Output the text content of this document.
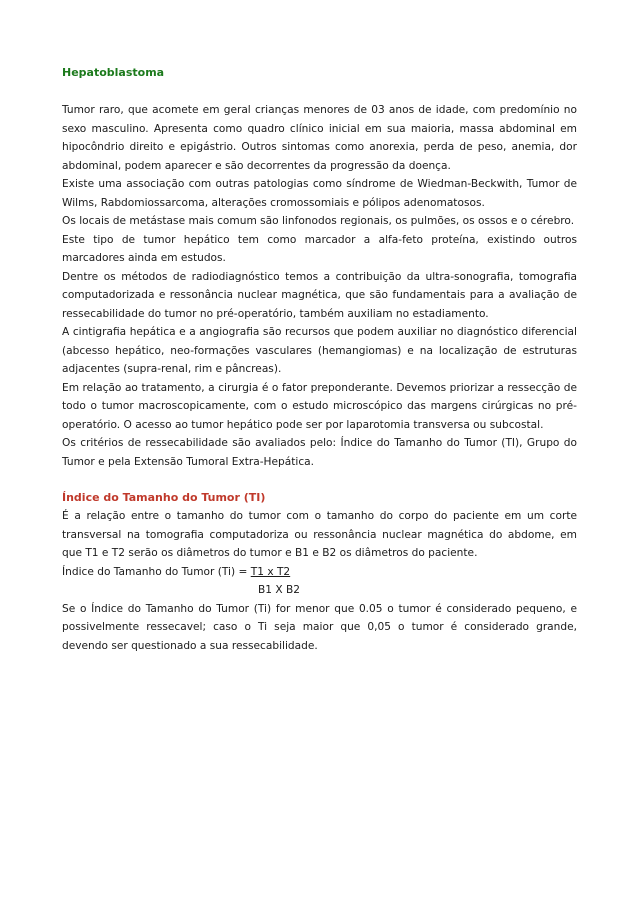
Hepatoblastoma

Tumor raro, que acomete em geral crianças menores de 03 anos de idade, com predomínio no sexo masculino. Apresenta como quadro clínico inicial em sua maioria, massa abdominal em hipocôndrio direito e epigástrio. Outros sintomas como anorexia, perda de peso, anemia, dor abdominal, podem aparecer e são decorrentes da progressão da doença.

Existe uma associação com outras patologias como síndrome de Wiedman-Beckwith, Tumor de Wilms, Rabdomiossarcoma, alterações cromossomiais e pólipos adenomatosos.

Os locais de metástase mais comum são linfonodos regionais, os pulmões, os ossos e o cérebro.

Este tipo de tumor hepático tem como marcador a alfa-feto proteína, existindo outros marcadores ainda em estudos.

Dentre os métodos de radiodiagnóstico temos a contribuição da ultra-sonografia, tomografia computadorizada e ressonância nuclear magnética, que são fundamentais para a avaliação de ressecabilidade do tumor no pré-operatório, também auxiliam no estadiamento.

A cintigrafia hepática e a angiografia são recursos que podem auxiliar no diagnóstico diferencial (abcesso hepático, neo-formações vasculares (hemangiomas) e na localização de estruturas adjacentes (supra-renal, rim e pâncreas).

Em relação ao tratamento, a cirurgia é o fator preponderante. Devemos priorizar a ressecção de todo o tumor macroscopicamente, com o estudo microscópico das margens cirúrgicas no pré-operatório. O acesso ao tumor hepático pode ser por laparotomia transversa ou subcostal.

Os critérios de ressecabilidade são avaliados pelo: Índice do Tamanho do Tumor (TI), Grupo do Tumor e pela Extensão Tumoral Extra-Hepática.

Índice do Tamanho do Tumor (TI)

É a relação entre o tamanho do tumor com o tamanho do corpo do paciente em um corte transversal na tomografia computadoriza ou ressonância nuclear magnética do abdome, em que T1 e T2 serão os diâmetros do tumor e B1 e B2 os diâmetros do paciente.

Índice do Tamanho do Tumor (Ti) = T1 x T2

B1 X B2

Se o Índice do Tamanho do Tumor (Ti) for menor que 0.05 o tumor é considerado pequeno, e possivelmente ressecavel; caso o Ti seja maior que 0,05 o tumor é considerado grande, devendo ser questionado a sua ressecabilidade.
